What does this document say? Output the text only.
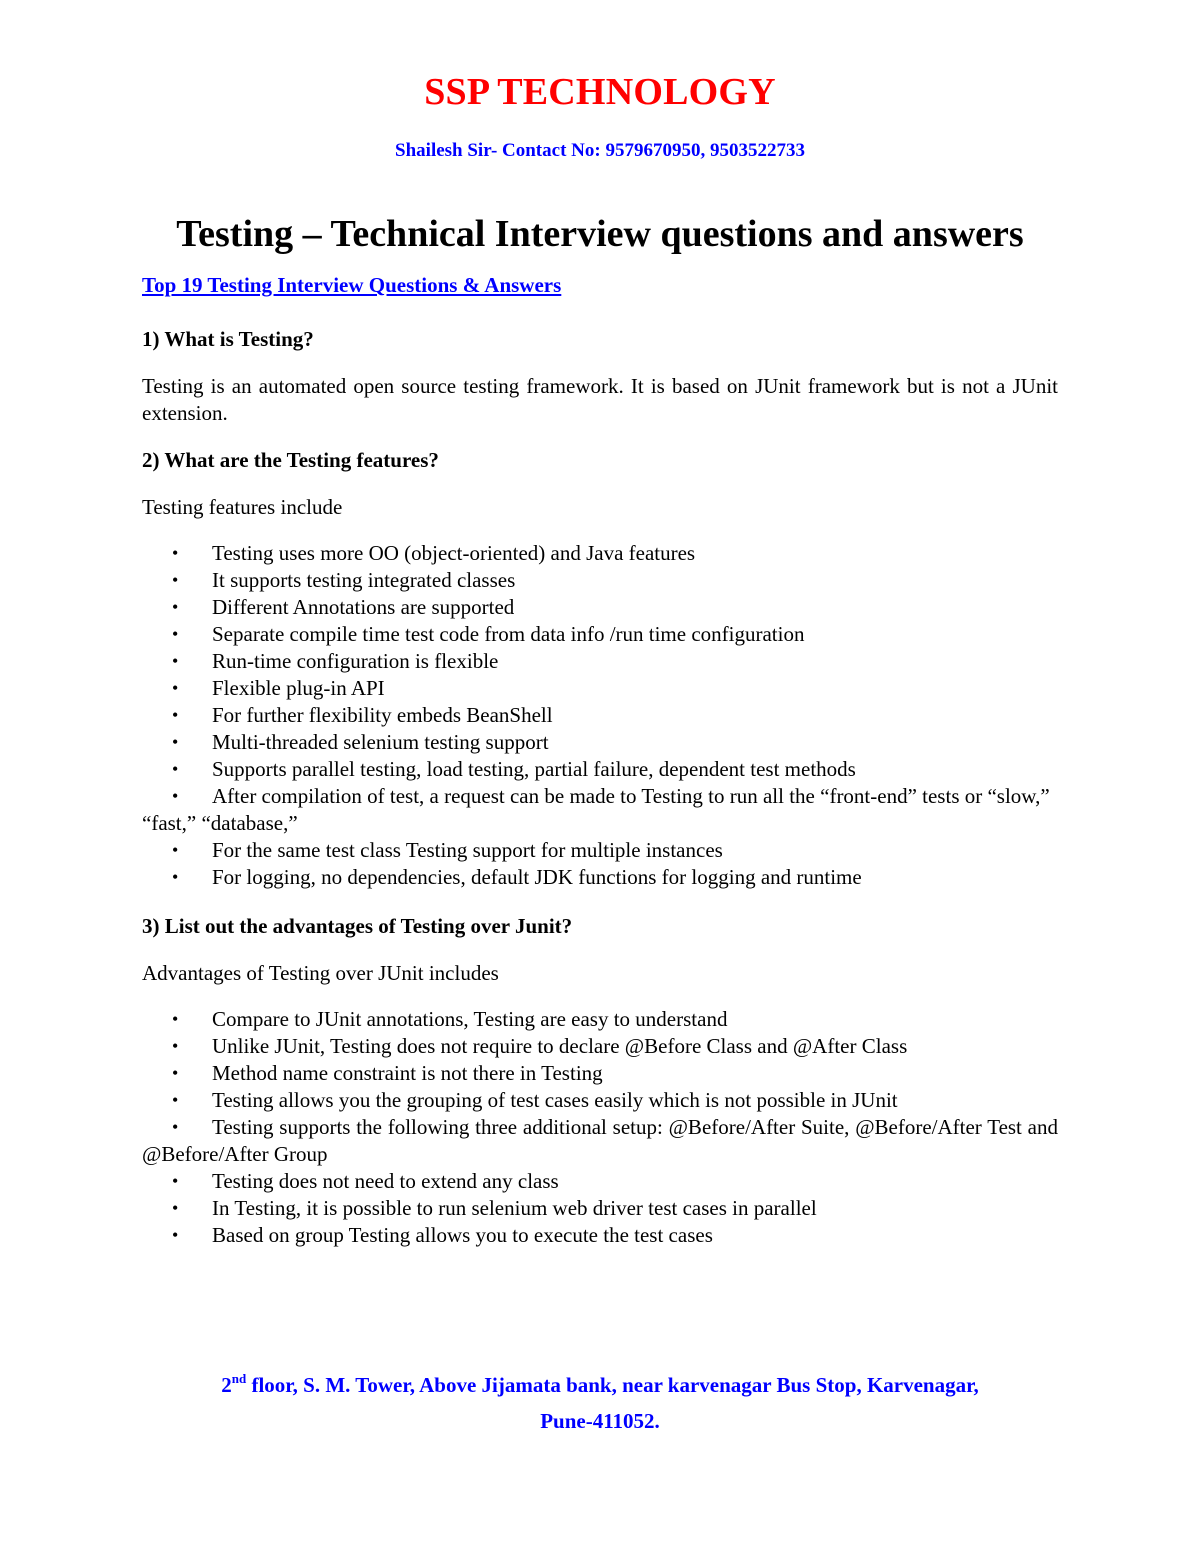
SSP TECHNOLOGY
Shailesh Sir- Contact No: 9579670950, 9503522733
Testing – Technical Interview questions and answers
Top 19 Testing Interview Questions & Answers
1) What is Testing?
Testing is an automated open source testing framework. It is based on JUnit framework but is not a JUnit extension.
2) What are the Testing features?
Testing features include
• Testing uses more OO (object-oriented) and Java features
• It supports testing integrated classes
• Different Annotations are supported
• Separate compile time test code from data info /run time configuration
• Run-time configuration is flexible
• Flexible plug-in API
• For further flexibility embeds BeanShell
• Multi-threaded selenium testing support
• Supports parallel testing, load testing, partial failure, dependent test methods
• After compilation of test, a request can be made to Testing to run all the “front-end” tests or “slow,” “fast,” “database,”
• For the same test class Testing support for multiple instances
• For logging, no dependencies, default JDK functions for logging and runtime
3) List out the advantages of Testing over Junit?
Advantages of Testing over JUnit includes
• Compare to JUnit annotations, Testing are easy to understand
• Unlike JUnit, Testing does not require to declare @Before Class and @After Class
• Method name constraint is not there in Testing
• Testing allows you the grouping of test cases easily which is not possible in JUnit
• Testing supports the following three additional setup: @Before/After Suite, @Before/After Test and @Before/After Group
• Testing does not need to extend any class
• In Testing, it is possible to run selenium web driver test cases in parallel
• Based on group Testing allows you to execute the test cases
2nd floor, S. M. Tower, Above Jijamata bank, near karvenagar Bus Stop, Karvenagar,
Pune-411052.
